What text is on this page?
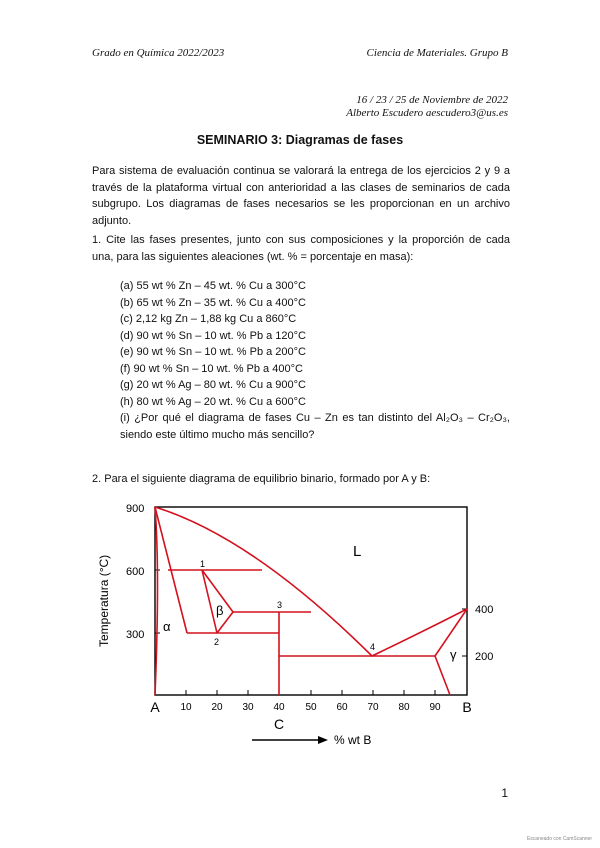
Grado en Química 2022/2023	Ciencia de Materiales. Grupo B
16 / 23 / 25 de Noviembre de 2022
Alberto Escudero aescudero3@us.es
SEMINARIO 3: Diagramas de fases
Para sistema de evaluación continua se valorará la entrega de los ejercicios 2 y 9 a través de la plataforma virtual con anterioridad a las clases de seminarios de cada subgrupo. Los diagramas de fases necesarios se les proporcionan en un archivo adjunto.
1. Cite las fases presentes, junto con sus composiciones y la proporción de cada una, para las siguientes aleaciones (wt. % = porcentaje en masa):
(a) 55 wt % Zn – 45 wt. % Cu a 300°C
(b) 65 wt % Zn – 35 wt. % Cu a 400°C
(c) 2,12 kg Zn – 1,88 kg Cu a 860°C
(d) 90 wt % Sn – 10 wt. % Pb a 120°C
(e) 90 wt % Sn – 10 wt. % Pb a 200°C
(f) 90 wt % Sn – 10 wt. % Pb a 400°C
(g) 20 wt % Ag – 80 wt. % Cu a 900°C
(h) 80 wt % Ag – 20 wt. % Cu a 600°C
(i) ¿Por qué el diagrama de fases Cu – Zn es tan distinto del Al₂O₃ – Cr₂O₃, siendo este último mucho más sencillo?
2. Para el siguiente diagrama de equilibrio binario, formado por A y B:
900
600
300
400
200
Temperatura (°C)
10 20 30 40 50 60 70 80 90
A	B
C
% wt B
L
α
β
γ
1
2
3
4
1
Escaneado con CamScanner
